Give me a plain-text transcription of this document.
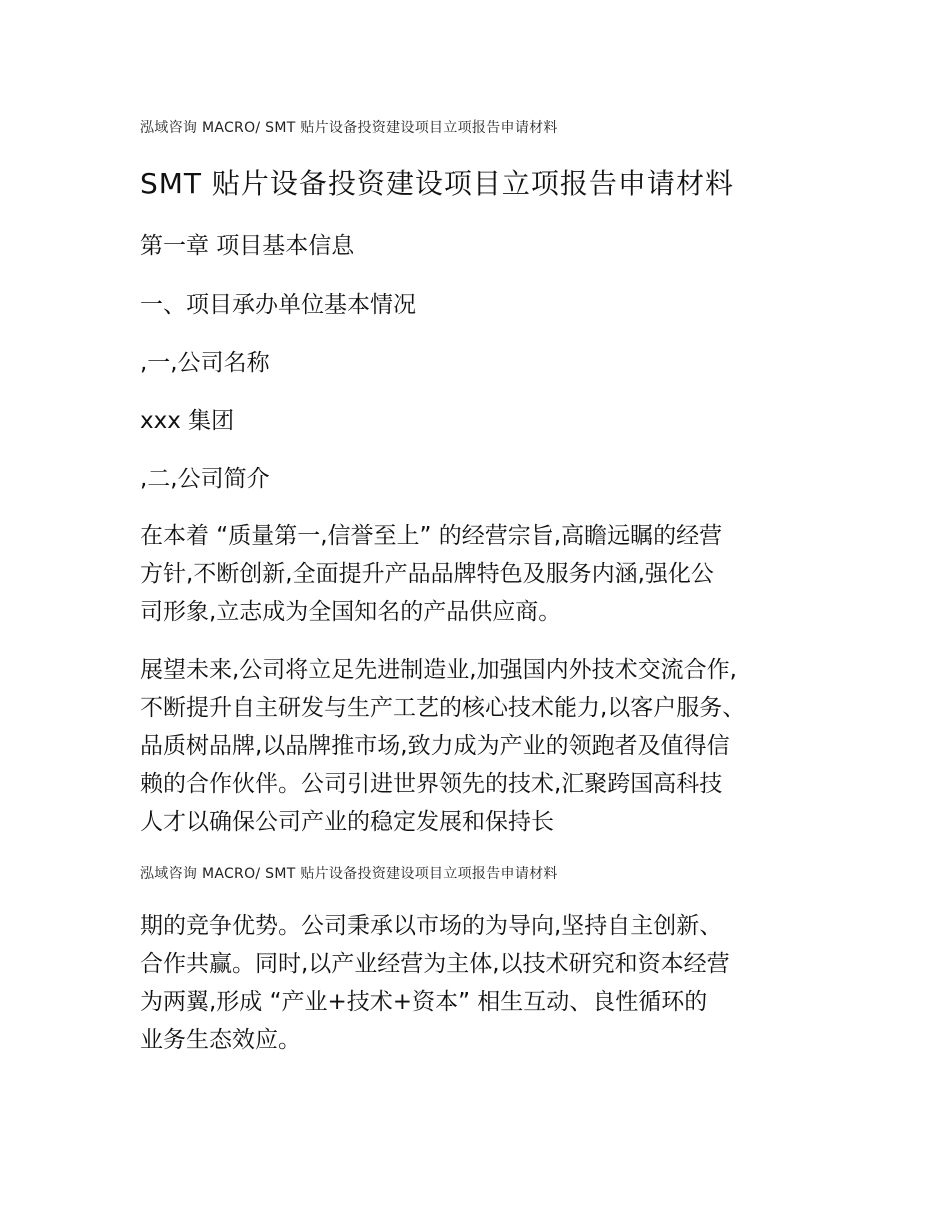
泓域咨询 MACRO/ SMT 贴片设备投资建设项目立项报告申请材料
SMT 贴片设备投资建设项目立项报告申请材料
第一章 项目基本信息
一、项目承办单位基本情况
,一,公司名称
xxx 集团
,二,公司简介
在本着 “质量第一,信誉至上” 的经营宗旨,高瞻远瞩的经营
方针,不断创新,全面提升产品品牌特色及服务内涵,强化公
司形象,立志成为全国知名的产品供应商。
展望未来,公司将立足先进制造业,加强国内外技术交流合作,
不断提升自主研发与生产工艺的核心技术能力,以客户服务、
品质树品牌,以品牌推市场,致力成为产业的领跑者及值得信
赖的合作伙伴。公司引进世界领先的技术,汇聚跨国高科技
人才以确保公司产业的稳定发展和保持长
泓域咨询 MACRO/ SMT 贴片设备投资建设项目立项报告申请材料
期的竞争优势。公司秉承以市场的为导向,坚持自主创新、
合作共赢。同时,以产业经营为主体,以技术研究和资本经营
为两翼,形成 “产业+技术+资本” 相生互动、良性循环的
业务生态效应。
